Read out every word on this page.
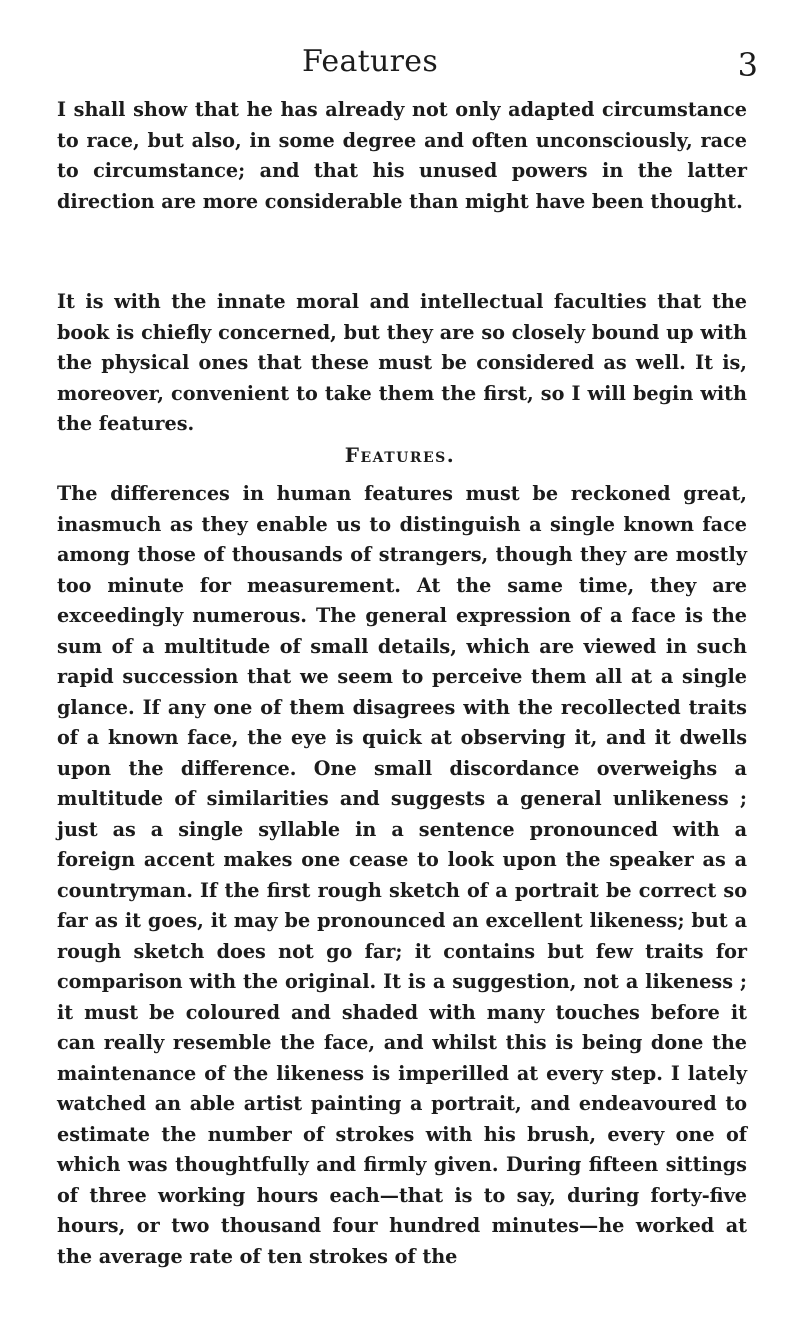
Features	3

I shall show that he has already not only adapted circumstance to race, but also, in some degree and often unconsciously, race to circumstance; and that his unused powers in the latter direction are more considerable than might have been thought.

It is with the innate moral and intellectual faculties that the book is chiefly concerned, but they are so closely bound up with the physical ones that these must be considered as well. It is, moreover, convenient to take them the first, so I will begin with the features.

Features.

The differences in human features must be reckoned great, inasmuch as they enable us to distinguish a single known face among those of thousands of strangers, though they are mostly too minute for measurement. At the same time, they are exceedingly numerous. The general expression of a face is the sum of a multitude of small details, which are viewed in such rapid succession that we seem to perceive them all at a single glance. If any one of them disagrees with the recollected traits of a known face, the eye is quick at observing it, and it dwells upon the difference. One small discordance overweighs a multitude of similarities and suggests a general unlikeness ; just as a single syllable in a sentence pronounced with a foreign accent makes one cease to look upon the speaker as a countryman. If the first rough sketch of a portrait be correct so far as it goes, it may be pronounced an excellent likeness; but a rough sketch does not go far; it contains but few traits for comparison with the original. It is a suggestion, not a likeness ; it must be coloured and shaded with many touches before it can really resemble the face, and whilst this is being done the maintenance of the likeness is imperilled at every step. I lately watched an able artist painting a portrait, and endeavoured to estimate the number of strokes with his brush, every one of which was thoughtfully and firmly given. During fifteen sittings of three working hours each—that is to say, during forty-five hours, or two thousand four hundred minutes—he worked at the average rate of ten strokes of the
